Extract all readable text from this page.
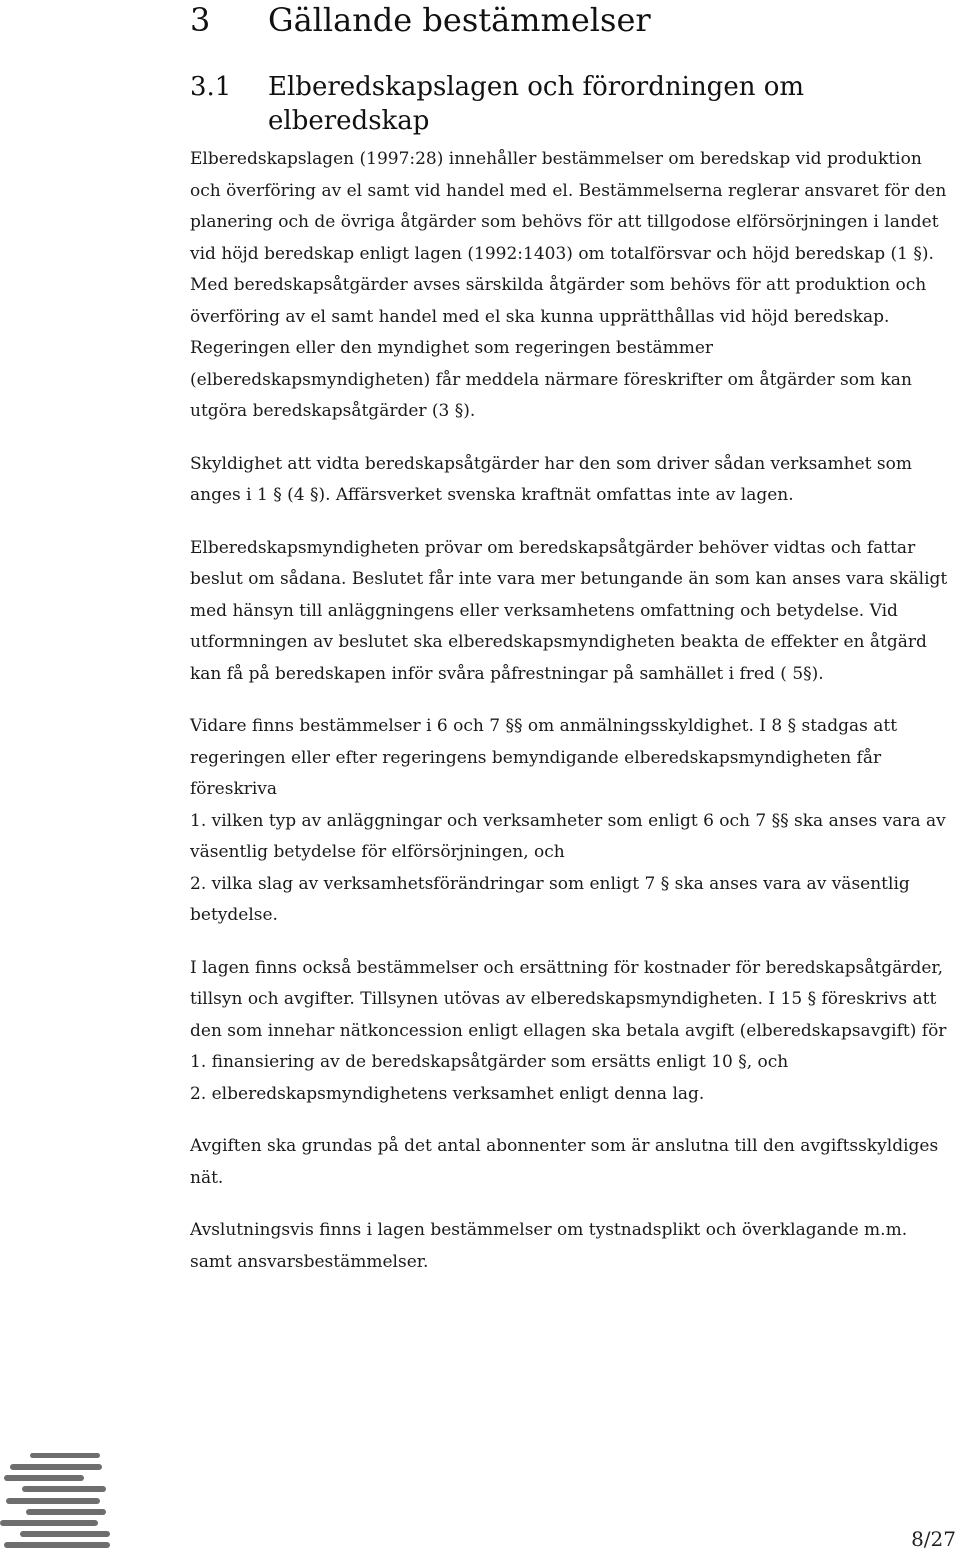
3 Gällande bestämmelser
3.1 Elberedskapslagen och förordningen om
elberedskap

Elberedskapslagen (1997:28) innehåller bestämmelser om beredskap vid produktion
och överföring av el samt vid handel med el. Bestämmelserna reglerar ansvaret för den
planering och de övriga åtgärder som behövs för att tillgodose elförsörjningen i landet
vid höjd beredskap enligt lagen (1992:1403) om totalförsvar och höjd beredskap (1 §).
Med beredskapsåtgärder avses särskilda åtgärder som behövs för att produktion och
överföring av el samt handel med el ska kunna upprätthållas vid höjd beredskap.
Regeringen eller den myndighet som regeringen bestämmer
(elberedskapsmyndigheten) får meddela närmare föreskrifter om åtgärder som kan
utgöra beredskapsåtgärder (3 §).

Skyldighet att vidta beredskapsåtgärder har den som driver sådan verksamhet som
anges i 1 § (4 §). Affärsverket svenska kraftnät omfattas inte av lagen.

Elberedskapsmyndigheten prövar om beredskapsåtgärder behöver vidtas och fattar
beslut om sådana. Beslutet får inte vara mer betungande än som kan anses vara skäligt
med hänsyn till anläggningens eller verksamhetens omfattning och betydelse. Vid
utformningen av beslutet ska elberedskapsmyndigheten beakta de effekter en åtgärd
kan få på beredskapen inför svåra påfrestningar på samhället i fred ( 5§).

Vidare finns bestämmelser i 6 och 7 §§ om anmälningsskyldighet. I 8 § stadgas att
regeringen eller efter regeringens bemyndigande elberedskapsmyndigheten får
föreskriva
1. vilken typ av anläggningar och verksamheter som enligt 6 och 7 §§ ska anses vara av
väsentlig betydelse för elförsörjningen, och
2. vilka slag av verksamhetsförändringar som enligt 7 § ska anses vara av väsentlig
betydelse.

I lagen finns också bestämmelser och ersättning för kostnader för beredskapsåtgärder,
tillsyn och avgifter. Tillsynen utövas av elberedskapsmyndigheten. I 15 § föreskrivs att
den som innehar nätkoncession enligt ellagen ska betala avgift (elberedskapsavgift) för
1. finansiering av de beredskapsåtgärder som ersätts enligt 10 §, och
2. elberedskapsmyndighetens verksamhet enligt denna lag.

Avgiften ska grundas på det antal abonnenter som är anslutna till den avgiftsskyldiges
nät.

Avslutningsvis finns i lagen bestämmelser om tystnadsplikt och överklagande m.m.
samt ansvarsbestämmelser.

8/27
